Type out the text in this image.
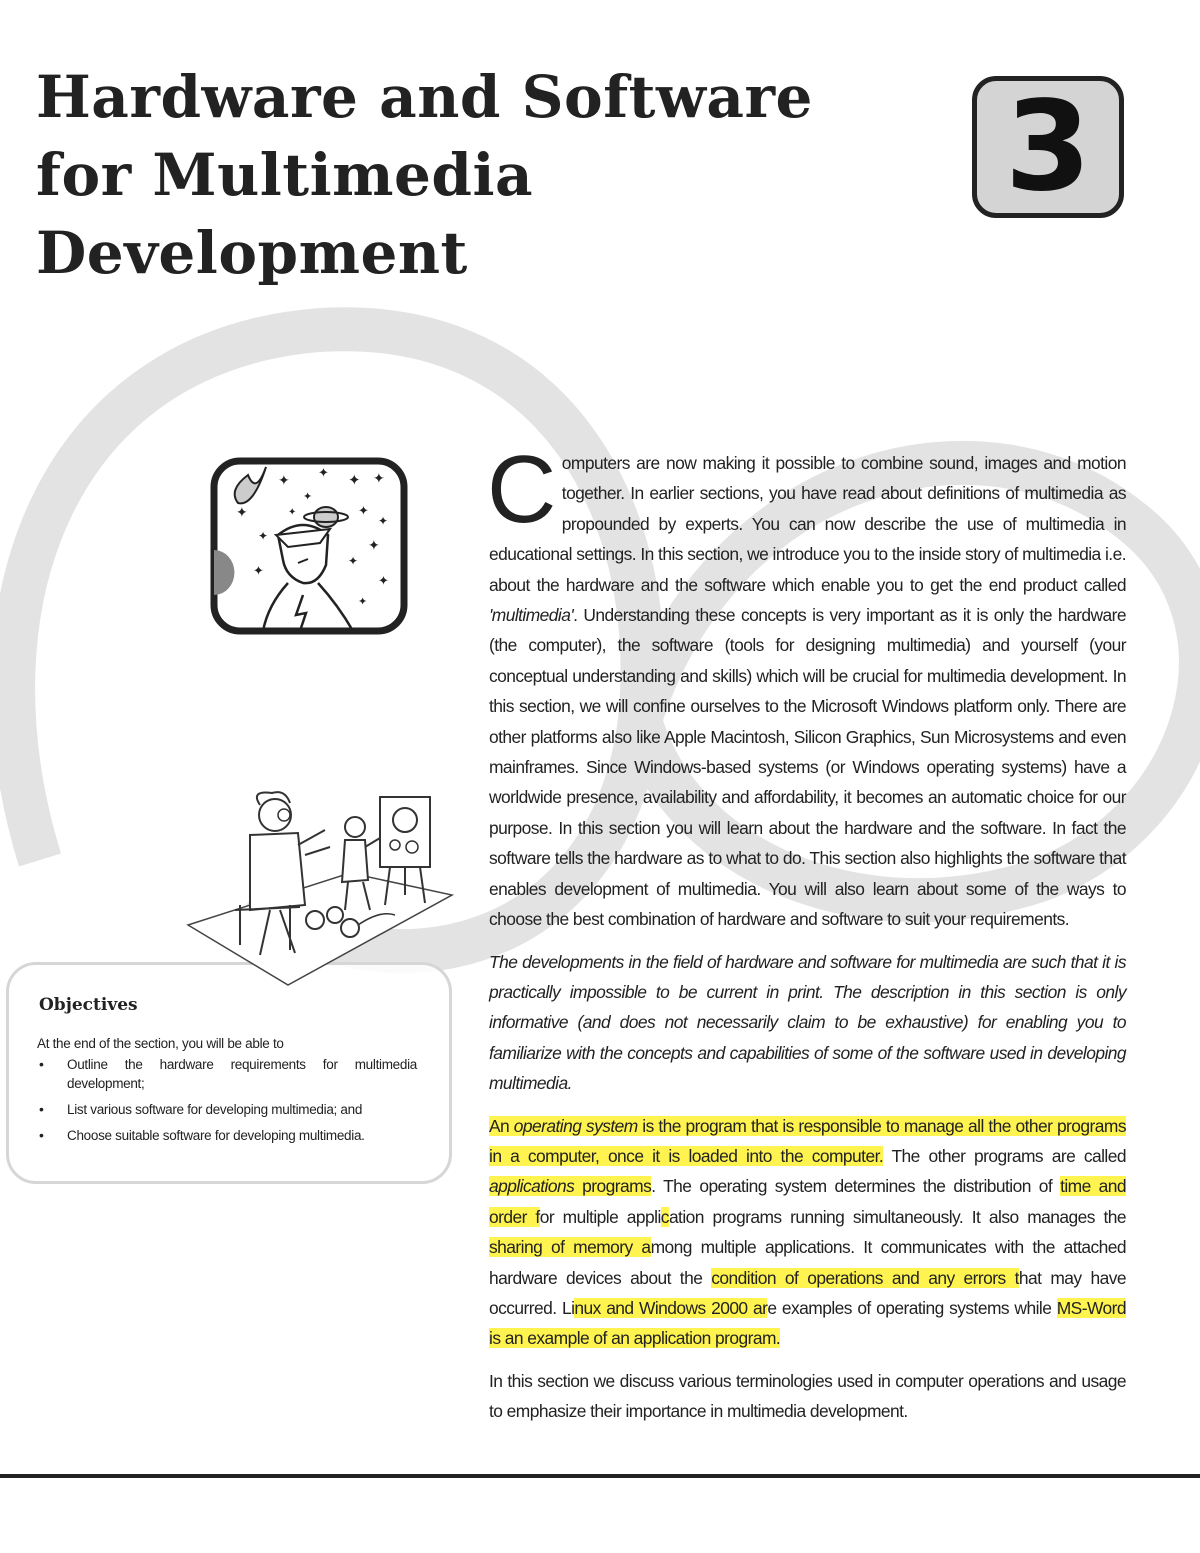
Hardware and Software
for Multimedia
Development
3
✦ ✦ ✦ ✦
✦
✦
✦
✦
✦
✦
✦
✦
✦
✦
✦
Objectives
At the end of the section, you will be able to
• Outline the hardware requirements for multimedia development;
• List various software for developing multimedia; and
• Choose suitable software for developing multimedia.

Computers are now making it possible to combine sound, images and motion together. In earlier sections, you have read about definitions of multimedia as propounded by experts. You can now describe the use of multimedia in educational settings. In this section, we introduce you to the inside story of multimedia i.e. about the hardware and the software which enable you to get the end product called 'multimedia'. Understanding these concepts is very important as it is only the hardware (the computer), the software (tools for designing multimedia) and yourself (your conceptual understanding and skills) which will be crucial for multimedia development. In this section, we will confine ourselves to the Microsoft Windows platform only. There are other platforms also like Apple Macintosh, Silicon Graphics, Sun Microsystems and even mainframes. Since Windows-based systems (or Windows operating systems) have a worldwide presence, availability and affordability, it becomes an automatic choice for our purpose. In this section you will learn about the hardware and the software. In fact the software tells the hardware as to what to do. This section also highlights the software that enables development of multimedia. You will also learn about some of the ways to choose the best combination of hardware and software to suit your requirements.

The developments in the field of hardware and software for multimedia are such that it is practically impossible to be current in print. The description in this section is only informative (and does not necessarily claim to be exhaustive) for enabling you to familiarize with the concepts and capabilities of some of the software used in developing multimedia.

An operating system is the program that is responsible to manage all the other programs in a computer, once it is loaded into the computer. The other programs are called applications programs. The operating system determines the distribution of time and order for multiple application programs running simultaneously. It also manages the sharing of memory among multiple applications. It communicates with the attached hardware devices about the condition of operations and any errors that may have occurred. Linux and Windows 2000 are examples of operating systems while MS-Word is an example of an application program.

In this section we discuss various terminologies used in computer operations and usage to emphasize their importance in multimedia development.
